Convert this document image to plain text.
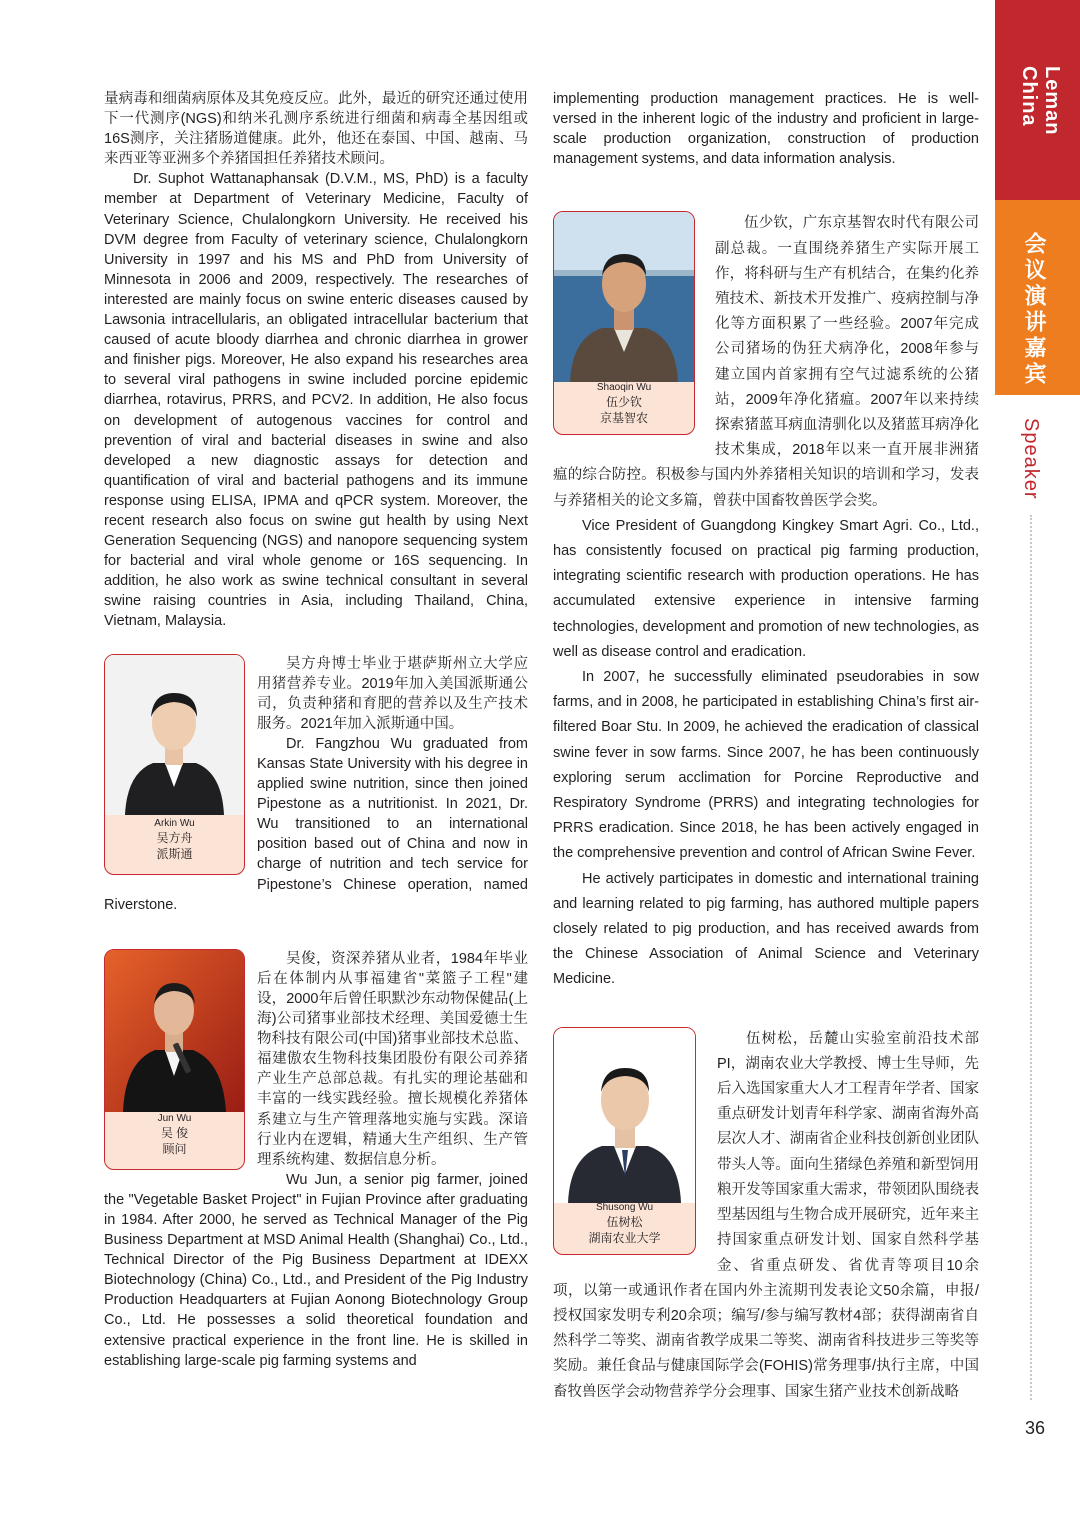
Leman China
会议演讲嘉宾
Speaker
36

量病毒和细菌病原体及其免疫反应。此外，最近的研究还通过使用下一代测序(NGS)和纳米孔测序系统进行细菌和病毒全基因组或16S测序，关注猪肠道健康。此外，他还在泰国、中国、越南、马来西亚等亚洲多个养猪国担任养猪技术顾问。

Dr. Suphot Wattanaphansak (D.V.M., MS, PhD) is a faculty member at Department of Veterinary Medicine, Faculty of Veterinary Science, Chulalongkorn University. He received his DVM degree from Faculty of veterinary science, Chulalongkorn University in 1997 and his MS and PhD from University of Minnesota in 2006 and 2009, respectively. The researches of interested are mainly focus on swine enteric diseases caused by Lawsonia intracellularis, an obligated intracellular bacterium that caused of acute bloody diarrhea and chronic diarrhea in grower and finisher pigs. Moreover, He also expand his researches area to several viral pathogens in swine included porcine epidemic diarrhea, rotavirus, PRRS, and PCV2. In addition, He also focus on development of autogenous vaccines for control and prevention of viral and bacterial diseases in swine and also developed a new diagnostic assays for detection and quantification of viral and bacterial pathogens and its immune response using ELISA, IPMA and qPCR system. Moreover, the recent research also focus on swine gut health by using Next Generation Sequencing (NGS) and nanopore sequencing system for bacterial and viral whole genome or 16S sequencing. In addition, he also work as swine technical consultant in several swine raising countries in Asia, including Thailand, China, Vietnam, Malaysia.

Arkin Wu
吴方舟
派斯通

吴方舟博士毕业于堪萨斯州立大学应用猪营养专业。2019年加入美国派斯通公司，负责种猪和育肥的营养以及生产技术服务。2021年加入派斯通中国。

Dr. Fangzhou Wu graduated from Kansas State University with his degree in applied swine nutrition, since then joined Pipestone as a nutritionist. In 2021, Dr. Wu transitioned to an international position based out of China and now in charge of nutrition and tech service for Pipestone’s Chinese operation, named Riverstone.

Jun Wu
吴 俊
顾问

吴俊，资深养猪从业者，1984年毕业后在体制内从事福建省"菜篮子工程"建设，2000年后曾任职默沙东动物保健品(上海)公司猪事业部技术经理、美国爱德士生物科技有限公司(中国)猪事业部技术总监、福建傲农生物科技集团股份有限公司养猪产业生产总部总裁。有扎实的理论基础和丰富的一线实践经验。擅长规模化养猪体系建立与生产管理落地实施与实践。深谙行业内在逻辑，精通大生产组织、生产管理系统构建、数据信息分析。

Wu Jun, a senior pig farmer, joined the "Vegetable Basket Project" in Fujian Province after graduating in 1984. After 2000, he served as Technical Manager of the Pig Business Department at MSD Animal Health (Shanghai) Co., Ltd., Technical Director of the Pig Business Department at IDEXX Biotechnology (China) Co., Ltd., and President of the Pig Industry Production Headquarters at Fujian Aonong Biotechnology Group Co., Ltd. He possesses a solid theoretical foundation and extensive practical experience in the front line. He is skilled in establishing large-scale pig farming systems and

implementing production management practices. He is well-versed in the inherent logic of the industry and proficient in large-scale production organization, construction of production management systems, and data information analysis.

Shaoqin Wu
伍少钦
京基智农

伍少钦，广东京基智农时代有限公司副总裁。一直围绕养猪生产实际开展工作，将科研与生产有机结合，在集约化养殖技术、新技术开发推广、疫病控制与净化等方面积累了一些经验。2007年完成公司猪场的伪狂犬病净化，2008年参与建立国内首家拥有空气过滤系统的公猪站，2009年净化猪瘟。2007年以来持续探索猪蓝耳病血清驯化以及猪蓝耳病净化技术集成，2018年以来一直开展非洲猪瘟的综合防控。积极参与国内外养猪相关知识的培训和学习，发表与养猪相关的论文多篇，曾获中国畜牧兽医学会奖。

Vice President of Guangdong Kingkey Smart Agri. Co., Ltd., has consistently focused on practical pig farming production, integrating scientific research with production operations. He has accumulated extensive experience in intensive farming technologies, development and promotion of new technologies, as well as disease control and eradication.

In 2007, he successfully eliminated pseudorabies in sow farms, and in 2008, he participated in establishing China’s first air-filtered Boar Stu. In 2009, he achieved the eradication of classical swine fever in sow farms. Since 2007, he has been continuously exploring serum acclimation for Porcine Reproductive and Respiratory Syndrome (PRRS) and integrating technologies for PRRS eradication. Since 2018, he has been actively engaged in the comprehensive prevention and control of African Swine Fever.

He actively participates in domestic and international training and learning related to pig farming, has authored multiple papers closely related to pig production, and has received awards from the Chinese Association of Animal Science and Veterinary Medicine.

Shusong Wu
伍树松
湖南农业大学

伍树松，岳麓山实验室前沿技术部PI，湖南农业大学教授、博士生导师，先后入选国家重大人才工程青年学者、国家重点研发计划青年科学家、湖南省海外高层次人才、湖南省企业科技创新创业团队带头人等。面向生猪绿色养殖和新型饲用粮开发等国家重大需求，带领团队围绕表型基因组与生物合成开展研究，近年来主持国家重点研发计划、国家自然科学基金、省重点研发、省优青等项目10余项，以第一或通讯作者在国内外主流期刊发表论文50余篇，申报/授权国家发明专利20余项；编写/参与编写教材4部；获得湖南省自然科学二等奖、湖南省教学成果二等奖、湖南省科技进步三等奖等奖励。兼任食品与健康国际学会(FOHIS)常务理事/执行主席，中国畜牧兽医学会动物营养学分会理事、国家生猪产业技术创新战略
